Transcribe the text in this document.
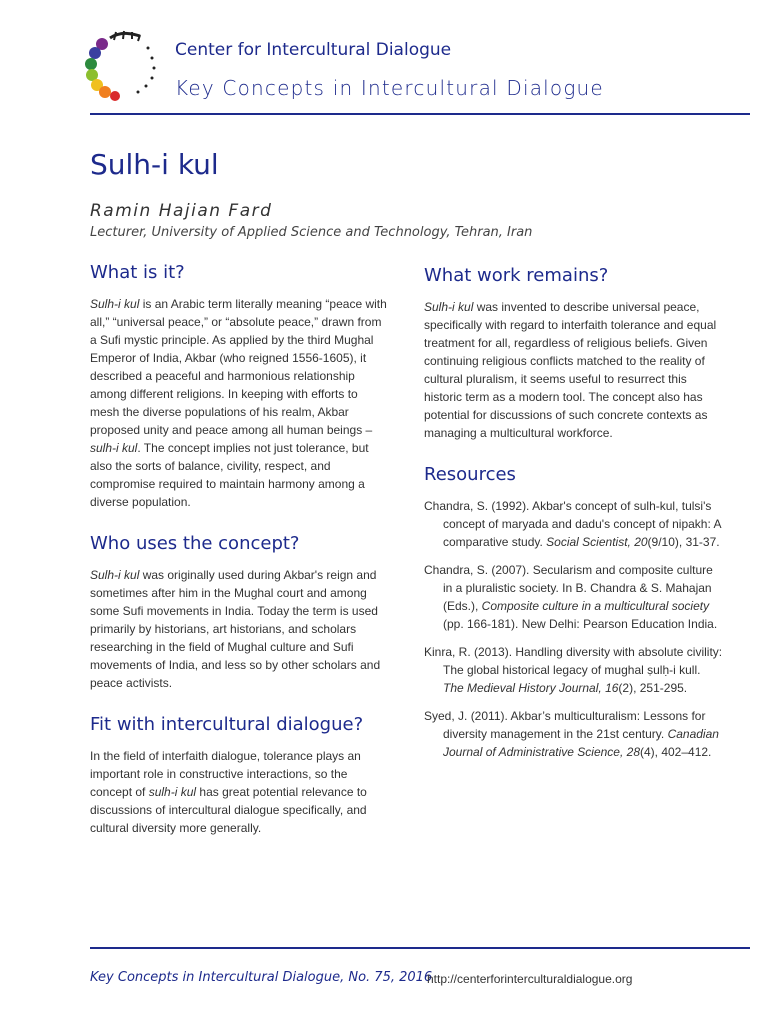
Center for Intercultural Dialogue
Key Concepts in Intercultural Dialogue
Sulh-i kul
Ramin Hajian Fard
Lecturer, University of Applied Science and Technology, Tehran, Iran
What is it?

Sulh-i kul is an Arabic term literally meaning “peace with all,” “universal peace,” or “absolute peace,” drawn from a Sufi mystic principle. As applied by the third Mughal Emperor of India, Akbar (who reigned 1556-1605), it described a peaceful and harmonious relationship among different religions. In keeping with efforts to mesh the diverse populations of his realm, Akbar proposed unity and peace among all human beings – sulh-i kul. The concept implies not just tolerance, but also the sorts of balance, civility, respect, and compromise required to maintain harmony among a diverse population.

Who uses the concept?

Sulh-i kul was originally used during Akbar's reign and sometimes after him in the Mughal court and among some Sufi movements in India. Today the term is used primarily by historians, art historians, and scholars researching in the field of Mughal culture and Sufi movements of India, and less so by other scholars and peace activists.

Fit with intercultural dialogue?

In the field of interfaith dialogue, tolerance plays an important role in constructive interactions, so the concept of sulh-i kul has great potential relevance to discussions of intercultural dialogue specifically, and cultural diversity more generally.

What work remains?

Sulh-i kul was invented to describe universal peace, specifically with regard to interfaith tolerance and equal treatment for all, regardless of religious beliefs. Given continuing religious conflicts matched to the reality of cultural pluralism, it seems useful to resurrect this historic term as a modern tool. The concept also has potential for discussions of such concrete contexts as managing a multicultural workforce.

Resources
Chandra, S. (1992). Akbar's concept of sulh-kul, tulsi's concept of maryada and dadu's concept of nipakh: A comparative study. Social Scientist, 20(9/10), 31-37.
Chandra, S. (2007). Secularism and composite culture in a pluralistic society. In B. Chandra & S. Mahajan (Eds.), Composite culture in a multicultural society (pp. 166-181). New Delhi: Pearson Education India.
Kinra, R. (2013). Handling diversity with absolute civility: The global historical legacy of mughal ṣulḥ-i kull. The Medieval History Journal, 16(2), 251-295.
Syed, J. (2011). Akbar’s multiculturalism: Lessons for diversity management in the 21st century. Canadian Journal of Administrative Science, 28(4), 402–412.
Key Concepts in Intercultural Dialogue, No. 75, 2016
http://centerforinterculturaldialogue.org
